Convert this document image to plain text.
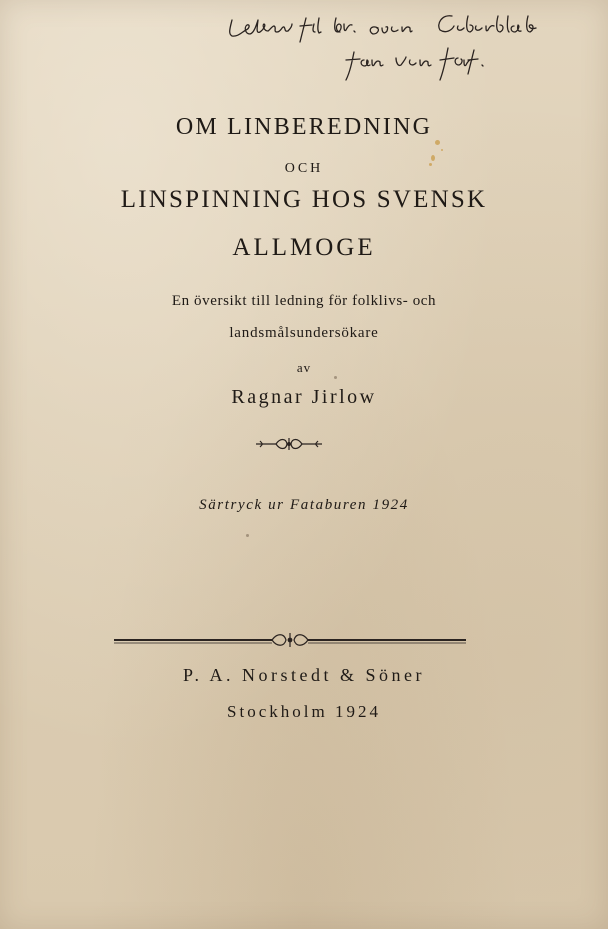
OM LINBEREDNING
OCH
LINSPINNING HOS SVENSK
ALLMOGE
En översikt till ledning för folklivs- och
landsmålsundersökare
av
Ragnar Jirlow
Särtryck ur Fataburen 1924
P. A. Norstedt & Söner
Stockholm 1924
